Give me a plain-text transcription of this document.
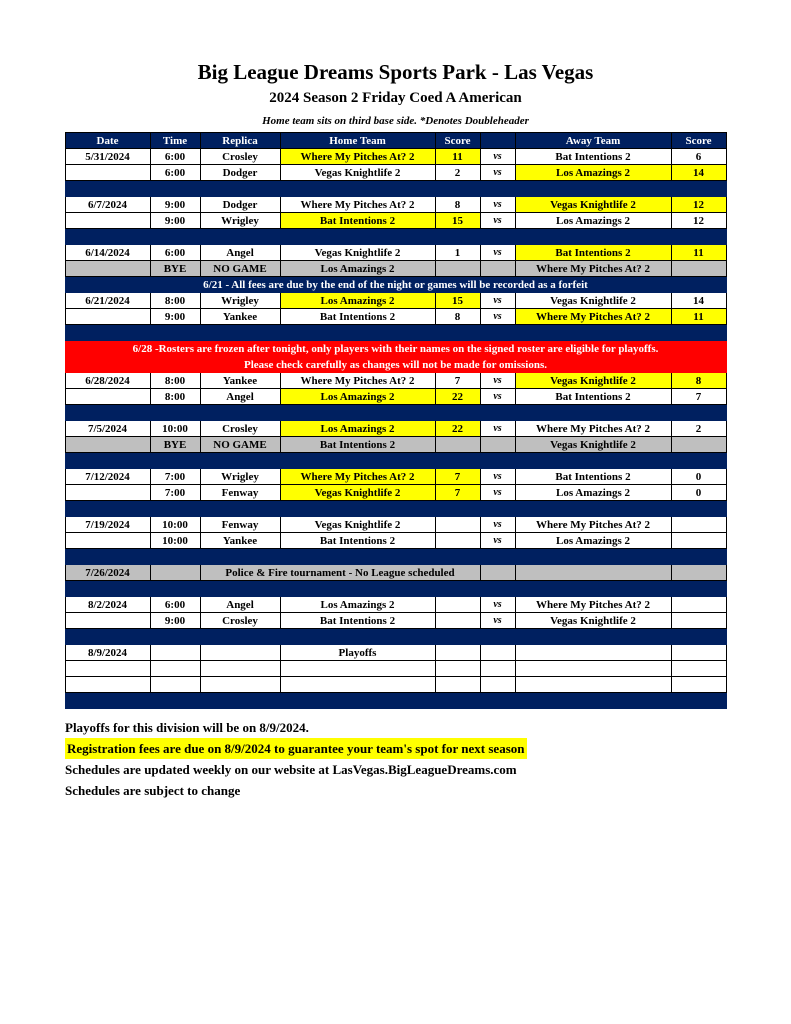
Big League Dreams Sports Park - Las Vegas
2024 Season 2 Friday Coed A American
Home team sits on third base side. *Denotes Doubleheader
Date	Time	Replica	Home Team	Score		Away Team	Score
5/31/2024	6:00	Crosley	Where My Pitches At? 2	11	vs	Bat Intentions 2	6
	6:00	Dodger	Vegas Knightlife 2	2	vs	Los Amazings 2	14

6/7/2024	9:00	Dodger	Where My Pitches At? 2	8	vs	Vegas Knightlife 2	12
	9:00	Wrigley	Bat Intentions 2	15	vs	Los Amazings 2	12

6/14/2024	6:00	Angel	Vegas Knightlife 2	1	vs	Bat Intentions 2	11
	BYE	NO GAME	Los Amazings 2			Where My Pitches At? 2	
6/21 - All fees are due by the end of the night or games will be recorded as a forfeit							
6/21/2024	8:00	Wrigley	Los Amazings 2	15	vs	Vegas Knightlife 2	14
	9:00	Yankee	Bat Intentions 2	8	vs	Where My Pitches At? 2	11

6/28 -Rosters are frozen after tonight, only players with their names on the signed roster are eligible for playoffs.							
Please check carefully as changes will not be made for omissions.							
6/28/2024	8:00	Yankee	Where My Pitches At? 2	7	vs	Vegas Knightlife 2	8
	8:00	Angel	Los Amazings 2	22	vs	Bat Intentions 2	7

7/5/2024	10:00	Crosley	Los Amazings 2	22	vs	Where My Pitches At? 2	2
	BYE	NO GAME	Bat Intentions 2			Vegas Knightlife 2	

7/12/2024	7:00	Wrigley	Where My Pitches At? 2	7	vs	Bat Intentions 2	0
	7:00	Fenway	Vegas Knightlife 2	7	vs	Los Amazings 2	0

7/19/2024	10:00	Fenway	Vegas Knightlife 2		vs	Where My Pitches At? 2	
	10:00	Yankee	Bat Intentions 2		vs	Los Amazings 2	

7/26/2024		Police & Fire tournament - No League scheduled					

8/2/2024	6:00	Angel	Los Amazings 2		vs	Where My Pitches At? 2	
	9:00	Crosley	Bat Intentions 2		vs	Vegas Knightlife 2	

8/9/2024			Playoffs				

Playoffs for this division will be on 8/9/2024.
Registration fees are due on 8/9/2024 to guarantee your team's spot for next season
Schedules are updated weekly on our website at LasVegas.BigLeagueDreams.com
Schedules are subject to change
